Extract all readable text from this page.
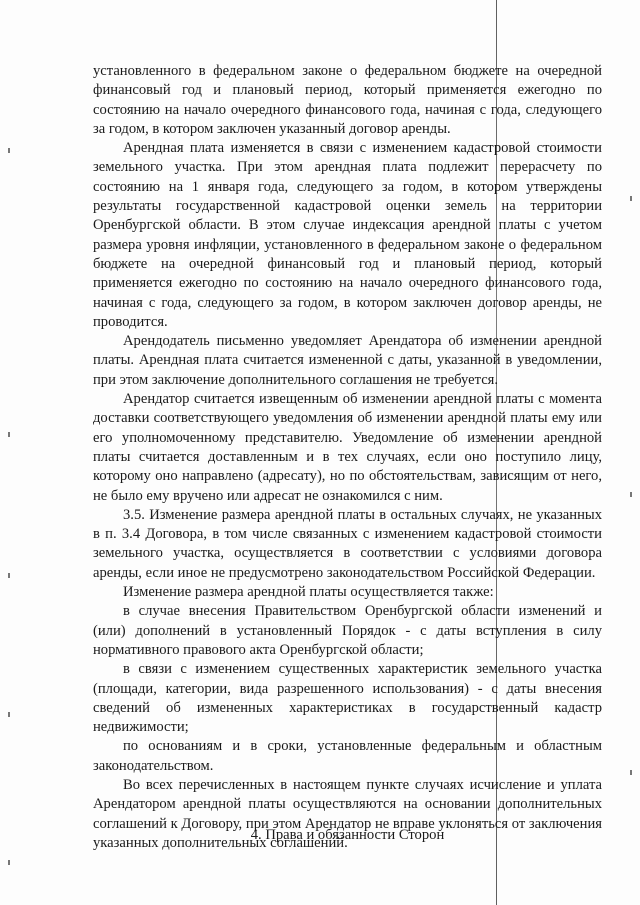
установленного в федеральном законе о федеральном бюджете на очередной финансовый год и плановый период, который применяется ежегодно по состоянию на начало очередного финансового года, начиная с года, следующего за годом, в котором заключен указанный договор аренды.

Арендная плата изменяется в связи с изменением кадастровой стоимости земельного участка. При этом арендная плата подлежит перерасчету по состоянию на 1 января года, следующего за годом, в котором утверждены результаты государственной кадастровой оценки земель на территории Оренбургской области. В этом случае индексация арендной платы с учетом размера уровня инфляции, установленного в федеральном законе о федеральном бюджете на очередной финансовый год и плановый период, который применяется ежегодно по состоянию на начало очередного финансового года, начиная с года, следующего за годом, в котором заключен договор аренды, не проводится.

Арендодатель письменно уведомляет Арендатора об изменении арендной платы. Арендная плата считается измененной с даты, указанной в уведомлении, при этом заключение дополнительного соглашения не требуется.

Арендатор считается извещенным об изменении арендной платы с момента доставки соответствующего уведомления об изменении арендной платы ему или его уполномоченному представителю. Уведомление об изменении арендной платы считается доставленным и в тех случаях, если оно поступило лицу, которому оно направлено (адресату), но по обстоятельствам, зависящим от него, не было ему вручено или адресат не ознакомился с ним.

3.5. Изменение размера арендной платы в остальных случаях, не указанных в п. 3.4 Договора, в том числе связанных с изменением кадастровой стоимости земельного участка, осуществляется в соответствии с условиями договора аренды, если иное не предусмотрено законодательством Российской Федерации.

Изменение размера арендной платы осуществляется также:

в случае внесения Правительством Оренбургской области изменений и (или) дополнений в установленный Порядок - с даты вступления в силу нормативного правового акта Оренбургской области;

в связи с изменением существенных характеристик земельного участка (площади, категории, вида разрешенного использования) - с даты внесения сведений об измененных характеристиках в государственный кадастр недвижимости;

по основаниям и в сроки, установленные федеральным и областным законодательством.

Во всех перечисленных в настоящем пункте случаях исчисление и уплата Арендатором арендной платы осуществляются на основании дополнительных соглашений к Договору, при этом Арендатор не вправе уклоняться от заключения указанных дополнительных соглашений.

4. Права и обязанности Сторон
